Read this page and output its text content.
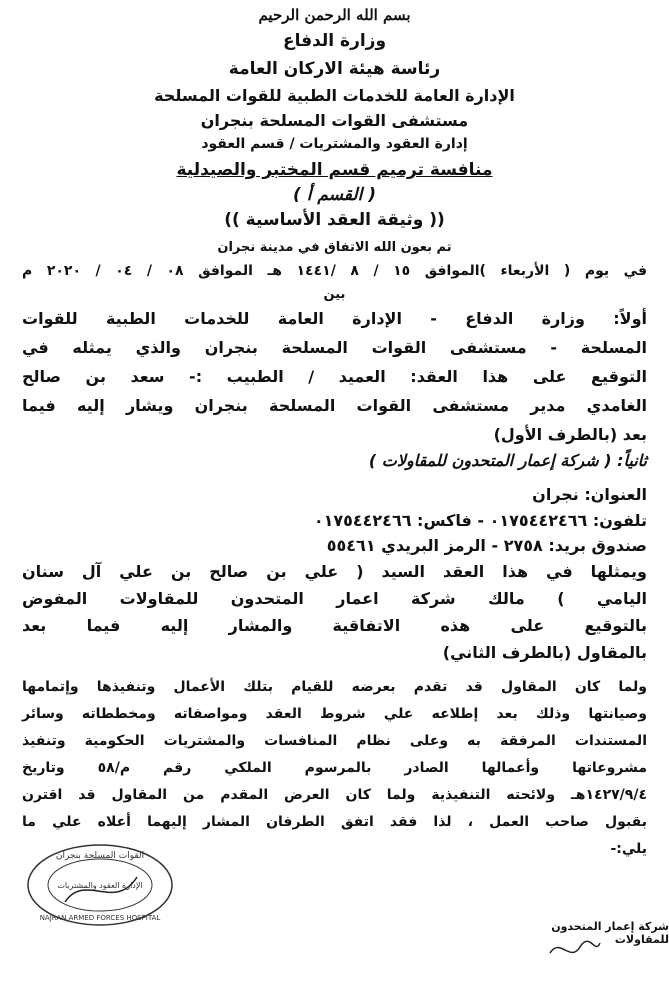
بسم الله الرحمن الرحيم
وزارة الدفاع
رئاسة هيئة الاركان العامة
الإدارة العامة للخدمات الطبية للقوات المسلحة
مستشفى القوات المسلحة بنجران
إدارة العقود والمشتريات / قسم العقود
منافسة ترميم قسم المختبر والصيدلية
( القسم أ )
(( وثيقة العقد الأساسية ))
تم بعون الله الاتفاق في مدينة نجران
في يوم ( الأربعاء )الموافق ١٥ / ٨ /١٤٤١ هـ الموافق ٠٨ / ٠٤ / ٢٠٢٠ م
بين
أولاً: وزارة الدفاع - الإدارة العامة للخدمات الطبية للقوات
المسلحة - مستشفى القوات المسلحة بنجران والذي يمثله في
التوقيع على هذا العقد: العميد / الطبيب :- سعد بن صالح
الغامدي مدير مستشفى القوات المسلحة بنجران ويشار إليه فيما
بعد (بالطرف الأول)
ثانياً: ( شركة إعمار المتحدون للمقاولات )
العنوان: نجران
تلفون: ٠١٧٥٤٤٢٤٦٦ - فاكس: ٠١٧٥٤٤٢٤٦٦
صندوق بريد: ٢٧٥٨ - الرمز البريدي ٥٥٤٦١
ويمثلها في هذا العقد السيد ( علي بن صالح بن علي آل سنان
اليامي ) مالك شركة اعمار المتحدون للمقاولات المفوض
بالتوقيع على هذه الاتفاقية والمشار إليه فيما بعد
بالمقاول (بالطرف الثاني)
ولما كان المقاول قد تقدم بعرضه للقيام بتلك الأعمال وتنفيذها وإتمامها
وصيانتها وذلك بعد إطلاعه علي شروط العقد ومواصفاته ومخططاته وسائر
المستندات المرفقة به وعلى نظام المنافسات والمشتريات الحكومية وتنفيذ
مشروعاتها وأعمالها الصادر بالمرسوم الملكي رقم م/٥٨ وتاريخ
١٤٢٧/٩/٤هـ ولائحته التنفيذية ولما كان العرض المقدم من المقاول قد اقترن
بقبول صاحب العمل ، لذا فقد اتفق الطرفان المشار إليهما أعلاه علي ما
يلي:-
القوات المسلحة بنجران
الإدارة العقود والمشتريات
NAJRAN ARMED FORCES HOSPITAL
شركة إعمار المتحدون للمقاولات
